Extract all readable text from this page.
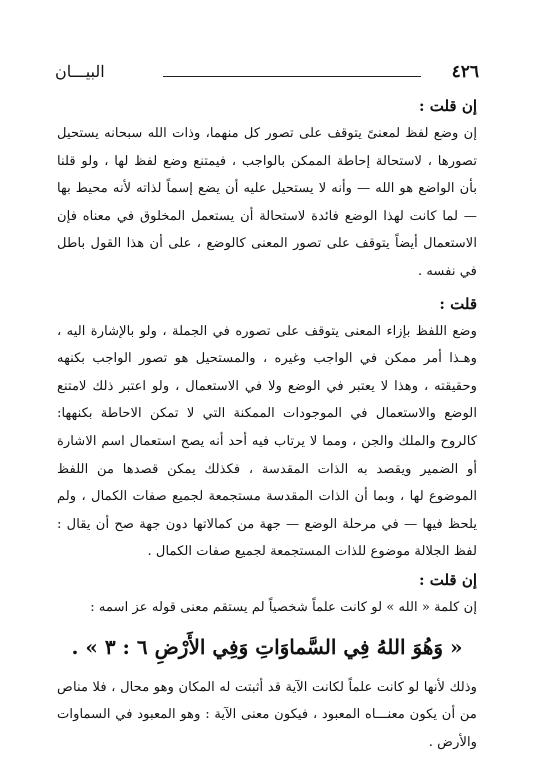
٤٢٦
البيـــان
إن قلت :

إن وضع لفظ لمعنىً يتوقف على تصور كل منهما، وذات الله سبحانه يستحيل تصورها ، لاستحالة إحاطة الممكن بالواجب ، فيمتنع وضع لفظ لها ، ولو قلنا بأن الواضع هو الله — وأنه لا يستحيل عليه أن يضع إسماً لذاته لأنه محيط بها — لما كانت لهذا الوضع فائدة لاستحالة أن يستعمل المخلوق في معناه فإن الاستعمال أيضاً يتوقف على تصور المعنى كالوضع ، على أن هذا القول باطل في نفسه .

قلت :

وضع اللفظ بإزاء المعنى يتوقف على تصوره في الجملة ، ولو بالإشارة اليه ، وهـذا أمر ممكن في الواجب وغيره ، والمستحيل هو تصور الواجب بكنهه وحقيقته ، وهذا لا يعتبر في الوضع ولا في الاستعمال ، ولو اعتبر ذلك لامتنع الوضع والاستعمال في الموجودات الممكنة التي لا تمكن الاحاطة بكنهها: كالروح والملك والجن ، ومما لا يرتاب فيه أحد أنه يصح استعمال اسم الاشارة أو الضمير ويقصد به الذات المقدسة ، فكذلك يمكن قصدها من اللفظ الموضوع لها ، وبما أن الذات المقدسة مستجمعة لجميع صفات الكمال ، ولم يلحظ فيها — في مرحلة الوضع — جهة من كمالاتها دون جهة صح أن يقال : لفظ الجلالة موضوع للذات المستجمعة لجميع صفات الكمال .

إن قلت :

إن كلمة « الله » لو كانت علماً شخصياً لم يستقم معنى قوله عز اسمه :

« وَهُوَ اللهُ فِي السَّماوَاتِ وَفِي الأَرْضِ ٦ : ٣ » .

وذلك لأنها لو كانت علماً لكانت الآية قد أثبتت له المكان وهو محال ، فلا مناص من أن يكون معنـــاه المعبود ، فيكون معنى الآية : وهو المعبود في السماوات والأرض .
